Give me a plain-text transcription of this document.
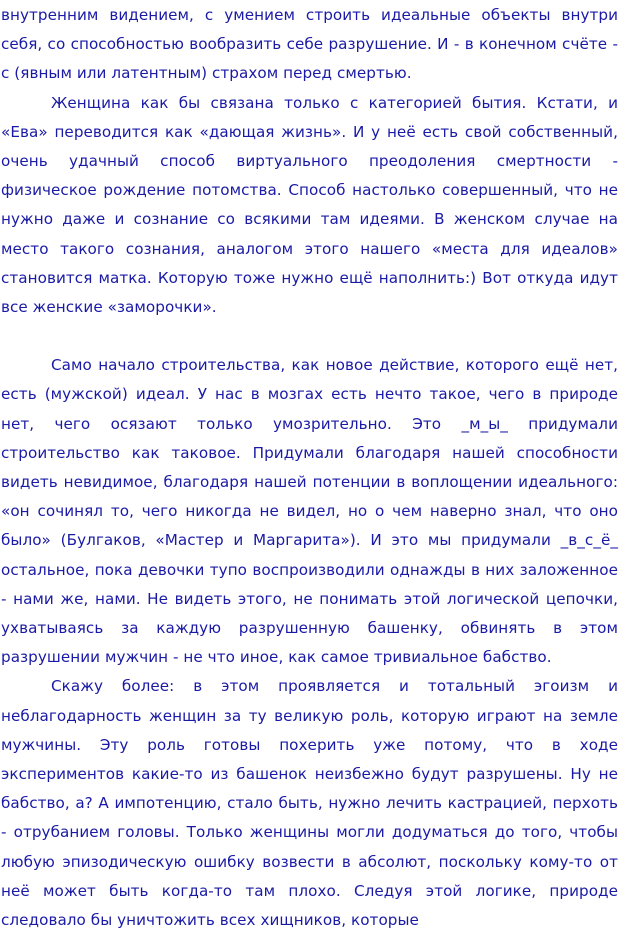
внутренним видением, с умением строить идеальные объекты внутри себя, со способностью вообразить себе разрушение. И - в конечном счёте - с (явным или латентным) страхом перед смертью.

Женщина как бы связана только с категорией бытия. Кстати, и «Ева» переводится как «дающая жизнь». И у неё есть свой собственный, очень удачный способ виртуального преодоления смертности - физическое рождение потомства. Способ настолько совершенный, что не нужно даже и сознание со всякими там идеями. В женском случае на место такого сознания, аналогом этого нашего «места для идеалов» становится матка. Которую тоже нужно ещё наполнить:) Вот откуда идут все женские «заморочки».

Само начало строительства, как новое действие, которого ещё нет, есть (мужской) идеал. У нас в мозгах есть нечто такое, чего в природе нет, чего осязают только умозрительно. Это _м_ы_ придумали строительство как таковое. Придумали благодаря нашей способности видеть невидимое, благодаря нашей потенции в воплощении идеального: «он сочинял то, чего никогда не видел, но о чем наверно знал, что оно было» (Булгаков, «Мастер и Маргарита»). И это мы придумали _в_с_ё_ остальное, пока девочки тупо воспроизводили однажды в них заложенное - нами же, нами. Не видеть этого, не понимать этой логической цепочки, ухватываясь за каждую разрушенную башенку, обвинять в этом разрушении мужчин - не что иное, как самое тривиальное бабство.

Скажу более: в этом проявляется и тотальный эгоизм и неблагодарность женщин за ту великую роль, которую играют на земле мужчины. Эту роль готовы похерить уже потому, что в ходе экспериментов какие-то из башенок неизбежно будут разрушены. Ну не бабство, а? А импотенцию, стало быть, нужно лечить кастрацией, перхоть - отрубанием головы. Только женщины могли додуматься до того, чтобы любую эпизодическую ошибку возвести в абсолют, поскольку кому-то от неё может быть когда-то там плохо. Следуя этой логике, природе следовало бы уничтожить всех хищников, которые
